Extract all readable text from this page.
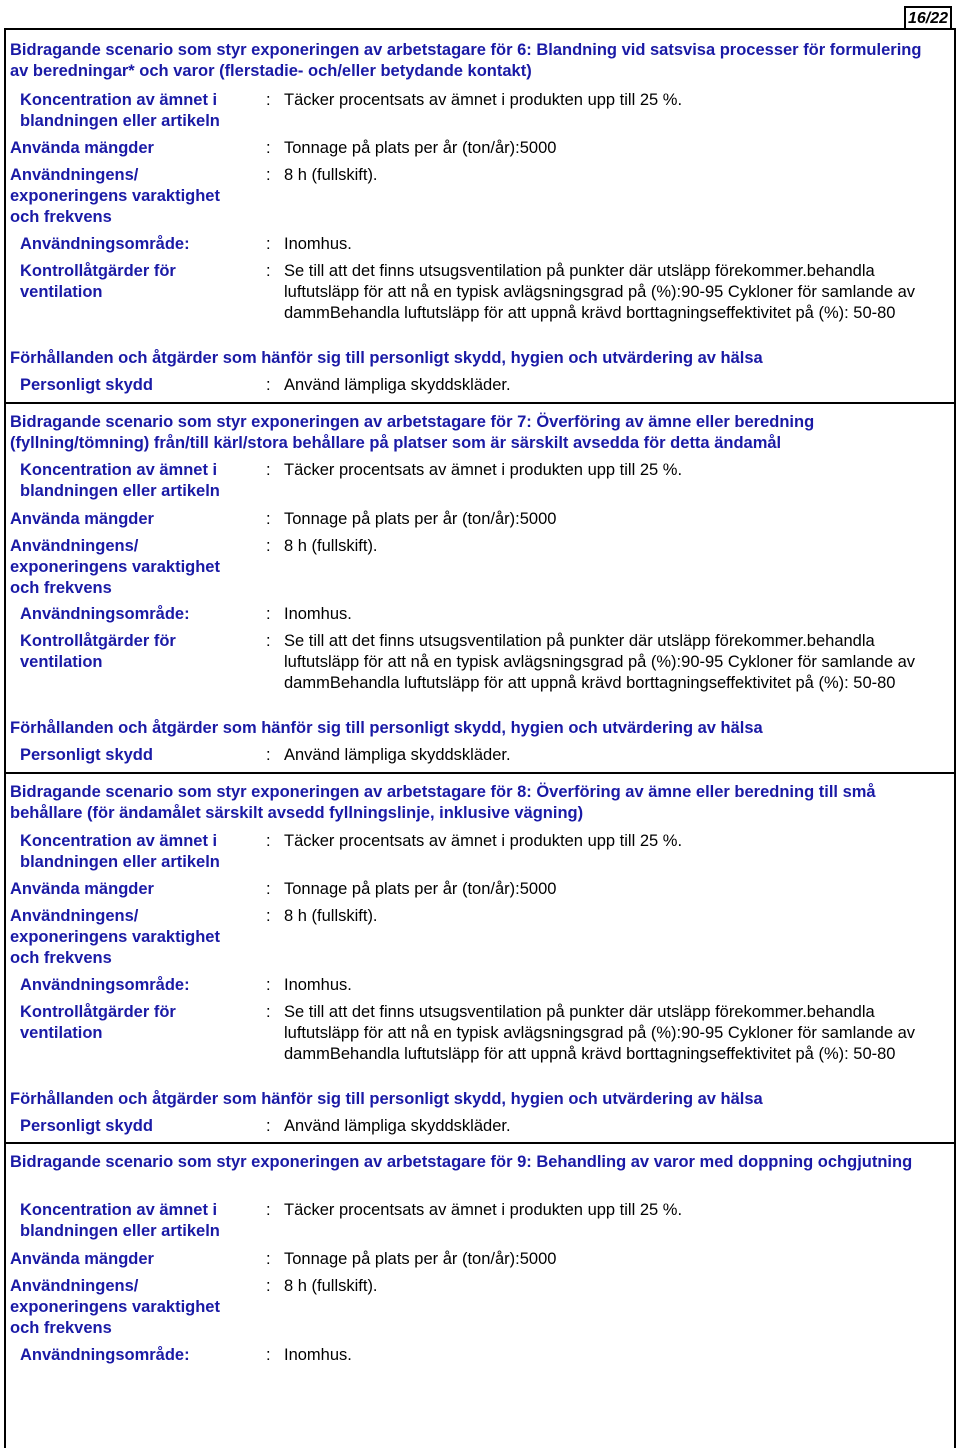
16/22
Bidragande scenario som styr exponeringen av arbetstagare för 6: Blandning vid satsvisa processer för formulering av beredningar* och varor (flerstadie- och/eller betydande kontakt)
Koncentration av ämnet i blandningen eller artikeln
: Täcker procentsats av ämnet i produkten upp till 25 %.
Använda mängder	: Tonnage på plats per år (ton/år):5000
Användningens/ exponeringens varaktighet och frekvens
: 8 h (fullskift).
Användningsområde:	: Inomhus.
Kontrollåtgärder för ventilation
: Se till att det finns utsugsventilation på punkter där utsläpp förekommer.behandla luftutsläpp för att nå en typisk avlägsningsgrad på (%):90-95 Cykloner för samlande av dammBehandla luftutsläpp för att uppnå krävd borttagningseffektivitet på (%): 50-80
Förhållanden och åtgärder som hänför sig till personligt skydd, hygien och utvärdering av hälsa
Personligt skydd	: Använd lämpliga skyddskläder.
Bidragande scenario som styr exponeringen av arbetstagare för 7: Överföring av ämne eller beredning (fyllning/tömning) från/till kärl/stora behållare på platser som är särskilt avsedda för detta ändamål
Koncentration av ämnet i blandningen eller artikeln
: Täcker procentsats av ämnet i produkten upp till 25 %.
Använda mängder	: Tonnage på plats per år (ton/år):5000
Användningens/ exponeringens varaktighet och frekvens
: 8 h (fullskift).
Användningsområde:	: Inomhus.
Kontrollåtgärder för ventilation
: Se till att det finns utsugsventilation på punkter där utsläpp förekommer.behandla luftutsläpp för att nå en typisk avlägsningsgrad på (%):90-95 Cykloner för samlande av dammBehandla luftutsläpp för att uppnå krävd borttagningseffektivitet på (%): 50-80
Förhållanden och åtgärder som hänför sig till personligt skydd, hygien och utvärdering av hälsa
Personligt skydd	: Använd lämpliga skyddskläder.
Bidragande scenario som styr exponeringen av arbetstagare för 8: Överföring av ämne eller beredning till små behållare (för ändamålet särskilt avsedd fyllningslinje, inklusive vägning)
Koncentration av ämnet i blandningen eller artikeln
: Täcker procentsats av ämnet i produkten upp till 25 %.
Använda mängder	: Tonnage på plats per år (ton/år):5000
Användningens/ exponeringens varaktighet och frekvens
: 8 h (fullskift).
Användningsområde:	: Inomhus.
Kontrollåtgärder för ventilation
: Se till att det finns utsugsventilation på punkter där utsläpp förekommer.behandla luftutsläpp för att nå en typisk avlägsningsgrad på (%):90-95 Cykloner för samlande av dammBehandla luftutsläpp för att uppnå krävd borttagningseffektivitet på (%): 50-80
Förhållanden och åtgärder som hänför sig till personligt skydd, hygien och utvärdering av hälsa
Personligt skydd	: Använd lämpliga skyddskläder.
Bidragande scenario som styr exponeringen av arbetstagare för 9: Behandling av varor med doppning ochgjutning
Koncentration av ämnet i blandningen eller artikeln
: Täcker procentsats av ämnet i produkten upp till 25 %.
Använda mängder	: Tonnage på plats per år (ton/år):5000
Användningens/ exponeringens varaktighet och frekvens
: 8 h (fullskift).
Användningsområde:	: Inomhus.
